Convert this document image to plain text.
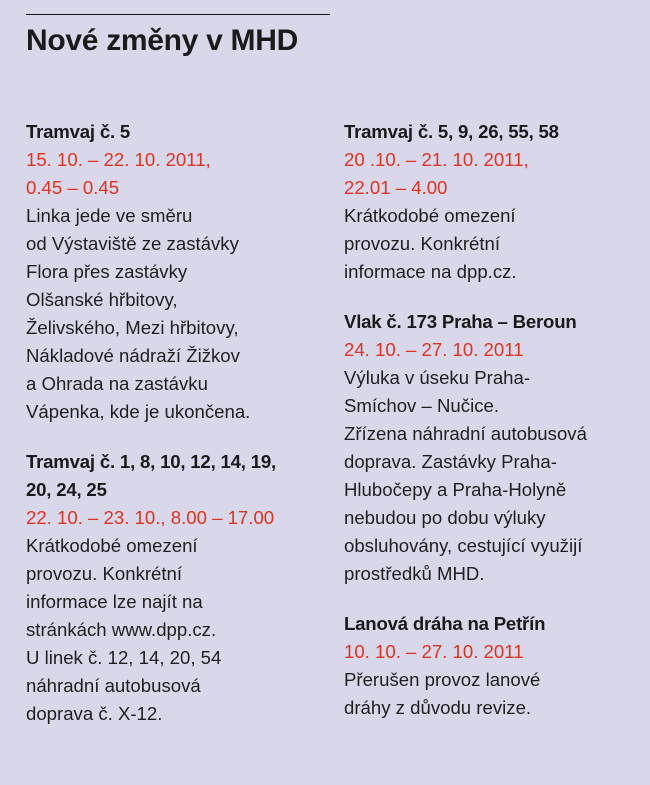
Nové změny v MHD
Tramvaj č. 5
15. 10. – 22. 10. 2011,
0.45 – 0.45
Linka jede ve směru
od Výstaviště ze zastávky
Flora přes zastávky
Olšanské hřbitovy,
Želivského, Mezi hřbitovy,
Nákladové nádraží Žižkov
a Ohrada na zastávku
Vápenka, kde je ukončena.
Tramvaj č. 1, 8, 10, 12, 14, 19,
20, 24, 25
22. 10. – 23. 10., 8.00 – 17.00
Krátkodobé omezení
provozu. Konkrétní
informace lze najít na
stránkách www.dpp.cz.
U linek č. 12, 14, 20, 54
náhradní autobusová
doprava č. X-12.
Tramvaj č. 5, 9, 26, 55, 58
20 .10. – 21. 10. 2011,
22.01 – 4.00
Krátkodobé omezení
provozu. Konkrétní
informace na dpp.cz.
Vlak č. 173 Praha – Beroun
24. 10. – 27. 10. 2011
Výluka v úseku Praha-
Smíchov – Nučice.
Zřízena náhradní autobusová
doprava. Zastávky Praha-
Hlubočepy a Praha-Holyně
nebudou po dobu výluky
obsluhovány, cestující využijí
prostředků MHD.
Lanová dráha na Petřín
10. 10. – 27. 10. 2011
Přerušen provoz lanové
dráhy z důvodu revize.
